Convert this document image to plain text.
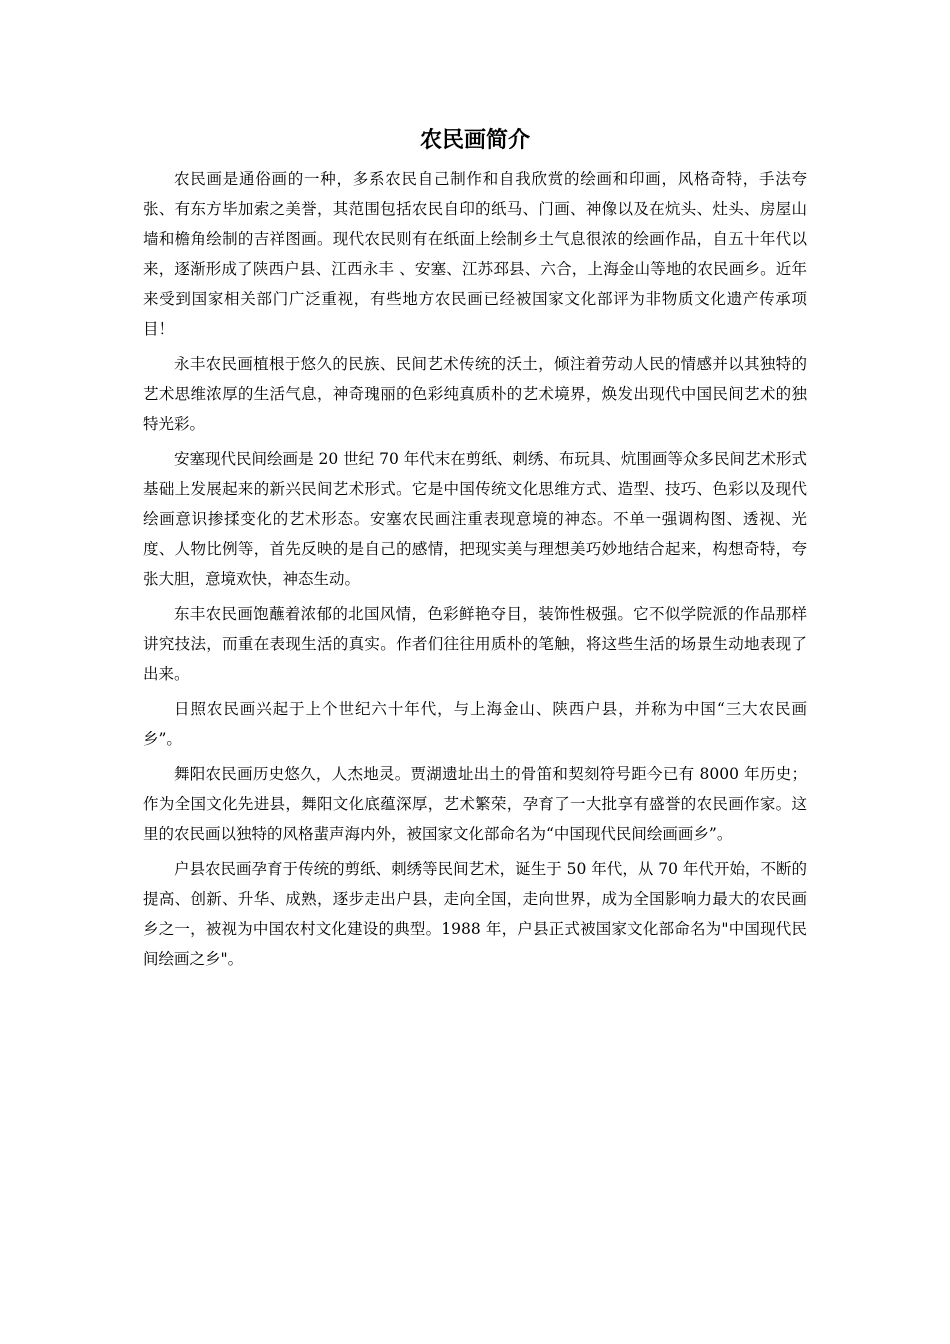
农民画简介

农民画是通俗画的一种，多系农民自己制作和自我欣赏的绘画和印画，风格奇特，手法夸张、有东方毕加索之美誉，其范围包括农民自印的纸马、门画、神像以及在炕头、灶头、房屋山墙和檐角绘制的吉祥图画。现代农民则有在纸面上绘制乡土气息很浓的绘画作品，自五十年代以来，逐渐形成了陕西户县、江西永丰 、安塞、江苏邳县、六合，上海金山等地的农民画乡。近年来受到国家相关部门广泛重视，有些地方农民画已经被国家文化部评为非物质文化遗产传承项目！

永丰农民画植根于悠久的民族、民间艺术传统的沃土，倾注着劳动人民的情感并以其独特的艺术思维浓厚的生活气息，神奇瑰丽的色彩纯真质朴的艺术境界，焕发出现代中国民间艺术的独特光彩。

安塞现代民间绘画是 20 世纪 70 年代末在剪纸、刺绣、布玩具、炕围画等众多民间艺术形式基础上发展起来的新兴民间艺术形式。它是中国传统文化思维方式、造型、技巧、色彩以及现代绘画意识掺揉变化的艺术形态。安塞农民画注重表现意境的神态。不单一强调构图、透视、光度、人物比例等，首先反映的是自己的感情，把现实美与理想美巧妙地结合起来，构想奇特，夸张大胆，意境欢快，神态生动。

东丰农民画饱蘸着浓郁的北国风情，色彩鲜艳夺目，装饰性极强。它不似学院派的作品那样讲究技法，而重在表现生活的真实。作者们往往用质朴的笔触，将这些生活的场景生动地表现了出来。

日照农民画兴起于上个世纪六十年代，与上海金山、陕西户县，并称为中国“三大农民画乡”。

舞阳农民画历史悠久，人杰地灵。贾湖遗址出土的骨笛和契刻符号距今已有 8000 年历史；作为全国文化先进县，舞阳文化底蕴深厚，艺术繁荣，孕育了一大批享有盛誉的农民画作家。这里的农民画以独特的风格蜚声海内外，被国家文化部命名为“中国现代民间绘画画乡”。

户县农民画孕育于传统的剪纸、刺绣等民间艺术，诞生于 50 年代，从 70 年代开始，不断的提高、创新、升华、成熟，逐步走出户县，走向全国，走向世界，成为全国影响力最大的农民画乡之一，被视为中国农村文化建设的典型。1988 年，户县正式被国家文化部命名为"中国现代民间绘画之乡"。
